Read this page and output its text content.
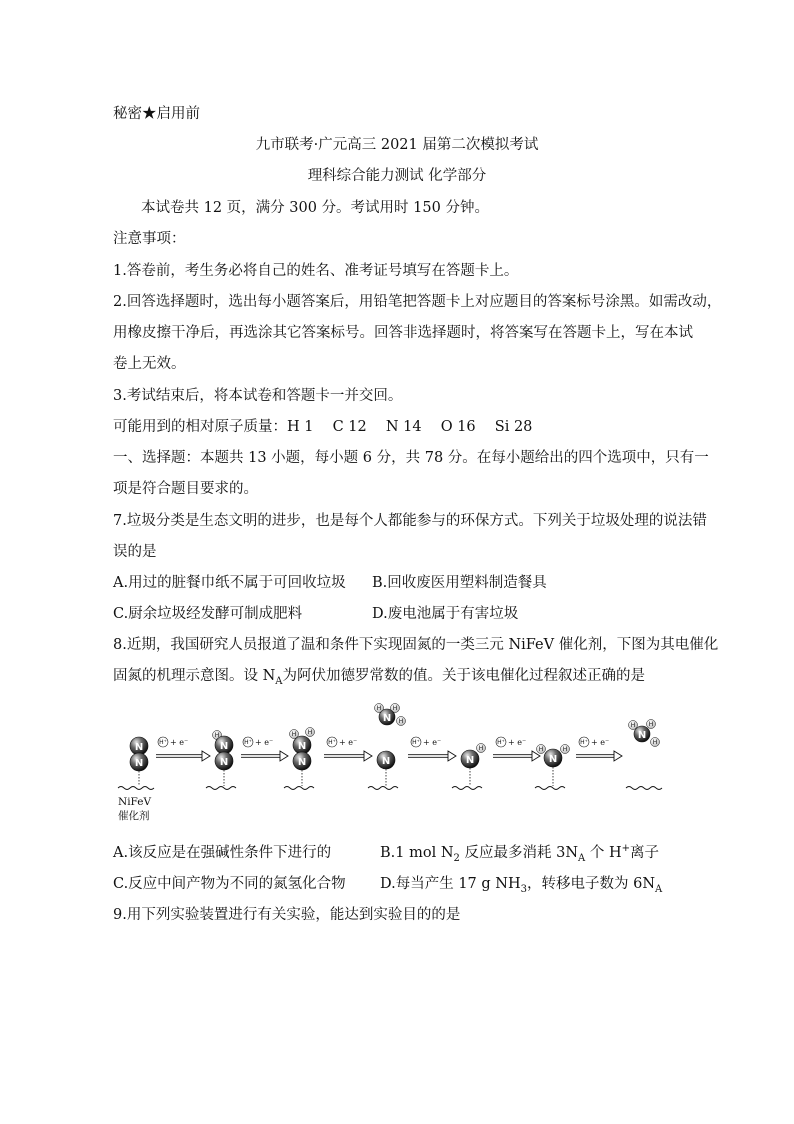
秘密★启用前
九市联考·广元高三 2021 届第二次模拟考试
理科综合能力测试 化学部分
本试卷共 12 页，满分 300 分。考试用时 150 分钟。
注意事项：
1.答卷前，考生务必将自己的姓名、准考证号填写在答题卡上。
2.回答选择题时，选出每小题答案后，用铅笔把答题卡上对应题目的答案标号涂黑。如需改动，
用橡皮擦干净后，再选涂其它答案标号。回答非选择题时，将答案写在答题卡上，写在本试
卷上无效。
3.考试结束后，将本试卷和答题卡一并交回。
可能用到的相对原子质量：H 1　 C 12　 N 14　 O 16　 Si 28
一、选择题：本题共 13 小题，每小题 6 分，共 78 分。在每小题给出的四个选项中，只有一
项是符合题目要求的。
7.垃圾分类是生态文明的进步，也是每个人都能参与的环保方式。下列关于垃圾处理的说法错
误的是
A.用过的脏餐巾纸不属于可回收垃圾 B.回收废医用塑料制造餐具
C.厨余垃圾经发酵可制成肥料	D.废电池属于有害垃圾
8.近期，我国研究人员报道了温和条件下实现固氮的一类三元 NiFeV 催化剂，下图为其电催化
固氮的机理示意图。设 $N_A$为阿伏加德罗常数的值。关于该电催化过程叙述正确的是
N
N
NiFeV
催化剂
H⁺ + e⁻
H
N
N
H⁺ + e⁻
H H
N
N
H⁺ + e⁻
H H
N H
N
H⁺ + e⁻
H
N
H⁺ + e⁻
H	H
N
H⁺ + e⁻
H H
N
H
A.该反应是在强碱性条件下进行的	B.1 mol $N_2$ 反应最多消耗 $3N_A$ 个 H+离子
C.反应中间产物为不同的氮氢化合物 D.每当产生 17 g $NH_3$，转移电子数为 $6N_A$
9.用下列实验装置进行有关实验，能达到实验目的的是
